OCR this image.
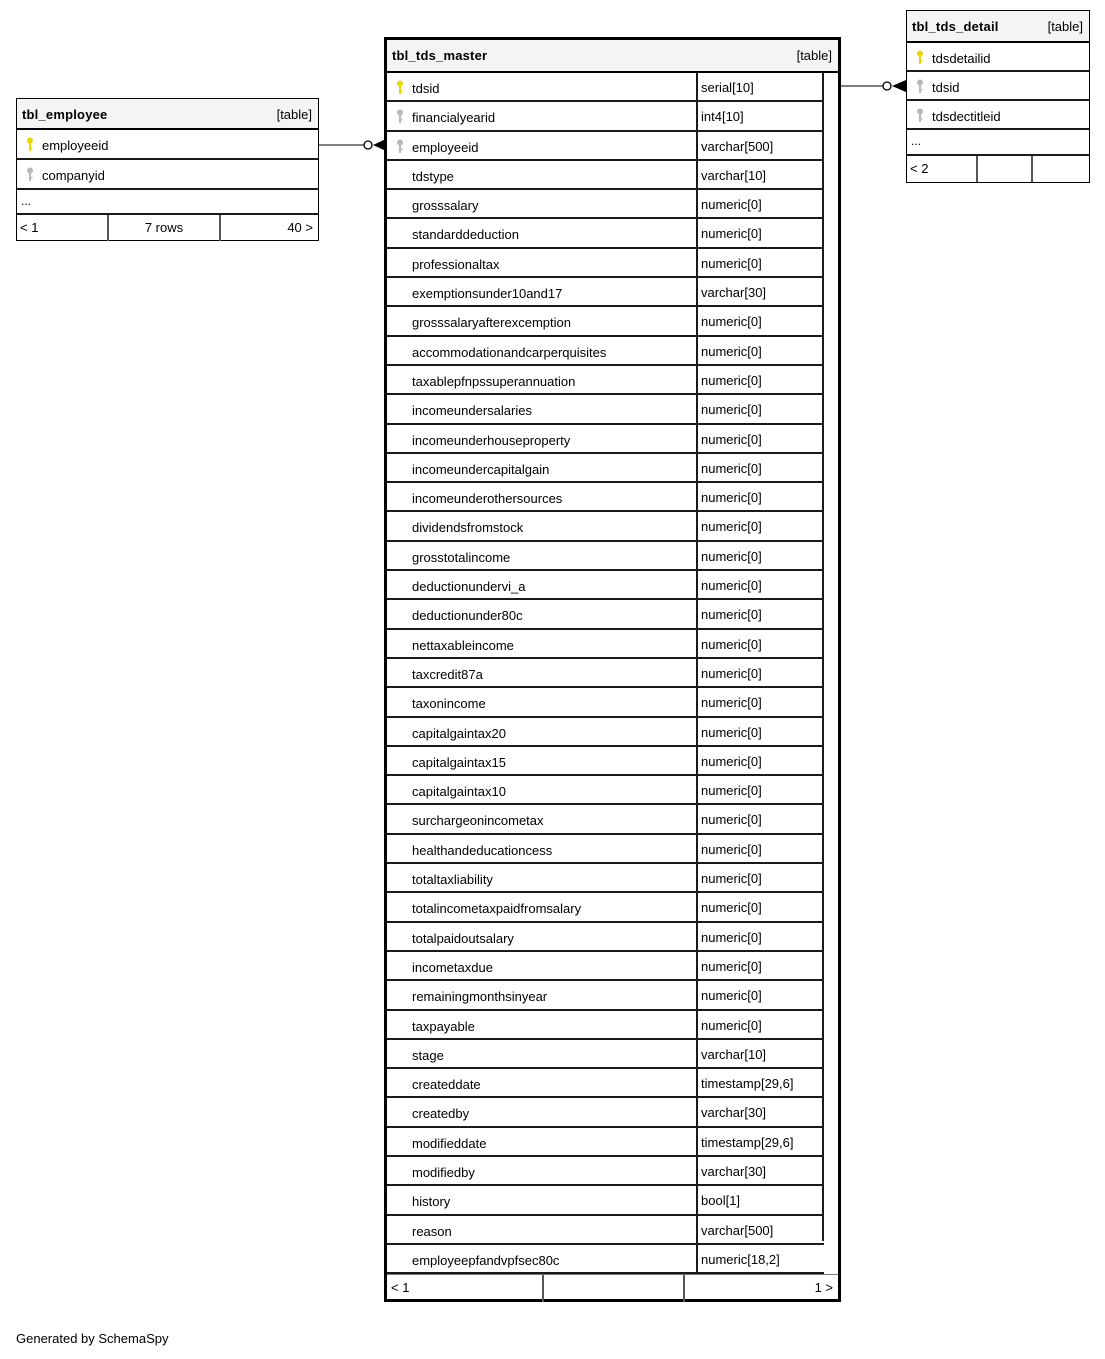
tbl_employee	[table]
employeeid
companyid
...
< 1	7 rows	40 >
tbl_tds_master	[table]
tdsid	serial[10]
financialyearid	int4[10]
employeeid	varchar[500]
tdstype	varchar[10]
grosssalary	numeric[0]
standarddeduction	numeric[0]
professionaltax	numeric[0]
exemptionsunder10and17	varchar[30]
grosssalaryafterexcemption	numeric[0]
accommodationandcarperquisites	numeric[0]
taxablepfnpssuperannuation	numeric[0]
incomeundersalaries	numeric[0]
incomeunderhouseproperty	numeric[0]
incomeundercapitalgain	numeric[0]
incomeunderothersources	numeric[0]
dividendsfromstock	numeric[0]
grosstotalincome	numeric[0]
deductionundervi_a	numeric[0]
deductionunder80c	numeric[0]
nettaxableincome	numeric[0]
taxcredit87a	numeric[0]
taxonincome	numeric[0]
capitalgaintax20	numeric[0]
capitalgaintax15	numeric[0]
capitalgaintax10	numeric[0]
surchargeonincometax	numeric[0]
healthandeducationcess	numeric[0]
totaltaxliability	numeric[0]
totalincometaxpaidfromsalary	numeric[0]
totalpaidoutsalary	numeric[0]
incometaxdue	numeric[0]
remainingmonthsinyear	numeric[0]
taxpayable	numeric[0]
stage	varchar[10]
createddate	timestamp[29,6]
createdby	varchar[30]
modifieddate	timestamp[29,6]
modifiedby	varchar[30]
history	bool[1]
reason	varchar[500]
employeepfandvpfsec80c	numeric[18,2]
< 1	1 >
tbl_tds_detail	[table]
tdsdetailid
tdsid
tdsdectitleid
...
< 2
Generated by SchemaSpy
